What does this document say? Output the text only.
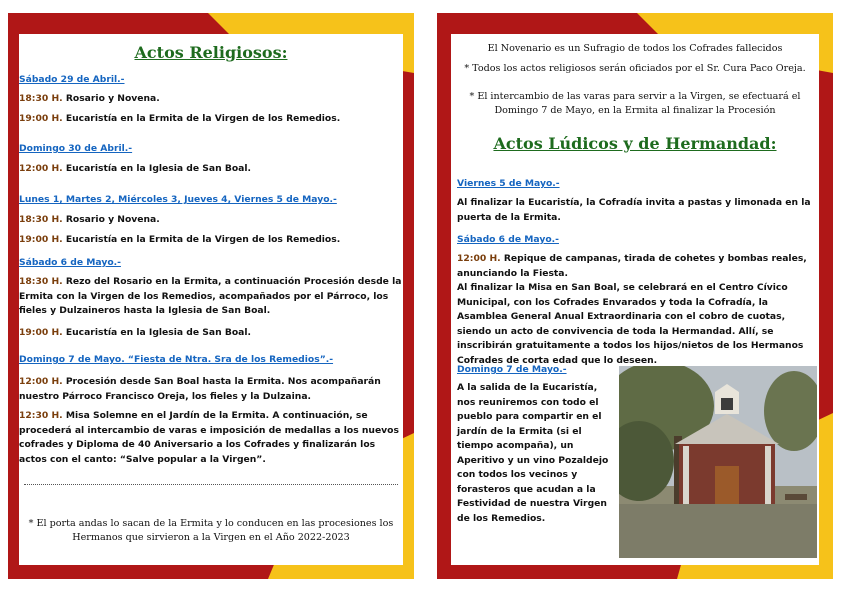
Actos Religiosos:

Sábado 29 de Abril.-

18:30 H. Rosario y Novena.

19:00 H. Eucaristía en la Ermita de la Virgen de los Remedios.

Domingo 30 de Abril.-

12:00 H. Eucaristía en la Iglesia de San Boal.

Lunes 1, Martes 2, Miércoles 3, Jueves 4, Viernes 5 de Mayo.-

18:30 H. Rosario y Novena.

19:00 H. Eucaristía en la Ermita de la Virgen de los Remedios.

Sábado 6 de Mayo.-

18:30 H. Rezo del Rosario en la Ermita, a continuación Procesión desde la Ermita con la Virgen de los Remedios, acompañados por el Párroco, los fieles y Dulzaineros hasta la Iglesia de San Boal.

19:00 H. Eucaristía en la Iglesia de San Boal.

Domingo 7 de Mayo. “Fiesta de Ntra. Sra de los Remedios”.-

12:00 H. Procesión desde San Boal hasta la Ermita. Nos acompañarán nuestro Párroco Francisco Oreja, los fieles y la Dulzaina.

12:30 H. Misa Solemne en el Jardín de la Ermita. A continuación, se procederá al intercambio de varas e imposición de medallas a los nuevos cofrades y Diploma de 40 Aniversario a los Cofrades y finalizarán los actos con el canto: “Salve popular a la Virgen”.

* El porta andas lo sacan de la Ermita y lo conducen en las procesiones los Hermanos que sirvieron a la Virgen en el Año 2022-2023

El Novenario es un Sufragio de todos los Cofrades fallecidos

* Todos los actos religiosos serán oficiados por el Sr. Cura Paco Oreja.

* El intercambio de las varas para servir a la Virgen, se efectuará el Domingo 7 de Mayo, en la Ermita al finalizar la Procesión

Actos Lúdicos y de Hermandad:

Viernes 5 de Mayo.-

Al finalizar la Eucaristía, la Cofradía invita a pastas y limonada en la puerta de la Ermita.

Sábado 6 de Mayo.-

12:00 H. Repique de campanas, tirada de cohetes y bombas reales, anunciando la Fiesta.

Al finalizar la Misa en San Boal, se celebrará en el Centro Cívico Municipal, con los Cofrades Envarados y toda la Cofradía, la Asamblea General Anual Extraordinaria con el cobro de cuotas, siendo un acto de convivencia de toda la Hermandad. Allí, se inscribirán gratuitamente a todos los hijos/nietos de los Hermanos Cofrades de corta edad que lo deseen.

Domingo 7 de Mayo.-

A la salida de la Eucaristía, nos reuniremos con todo el pueblo para compartir en el jardín de la Ermita (si el tiempo acompaña), un Aperitivo y un vino Pozaldejo con todos los vecinos y forasteros que acudan a la Festividad de nuestra Virgen de los Remedios.
